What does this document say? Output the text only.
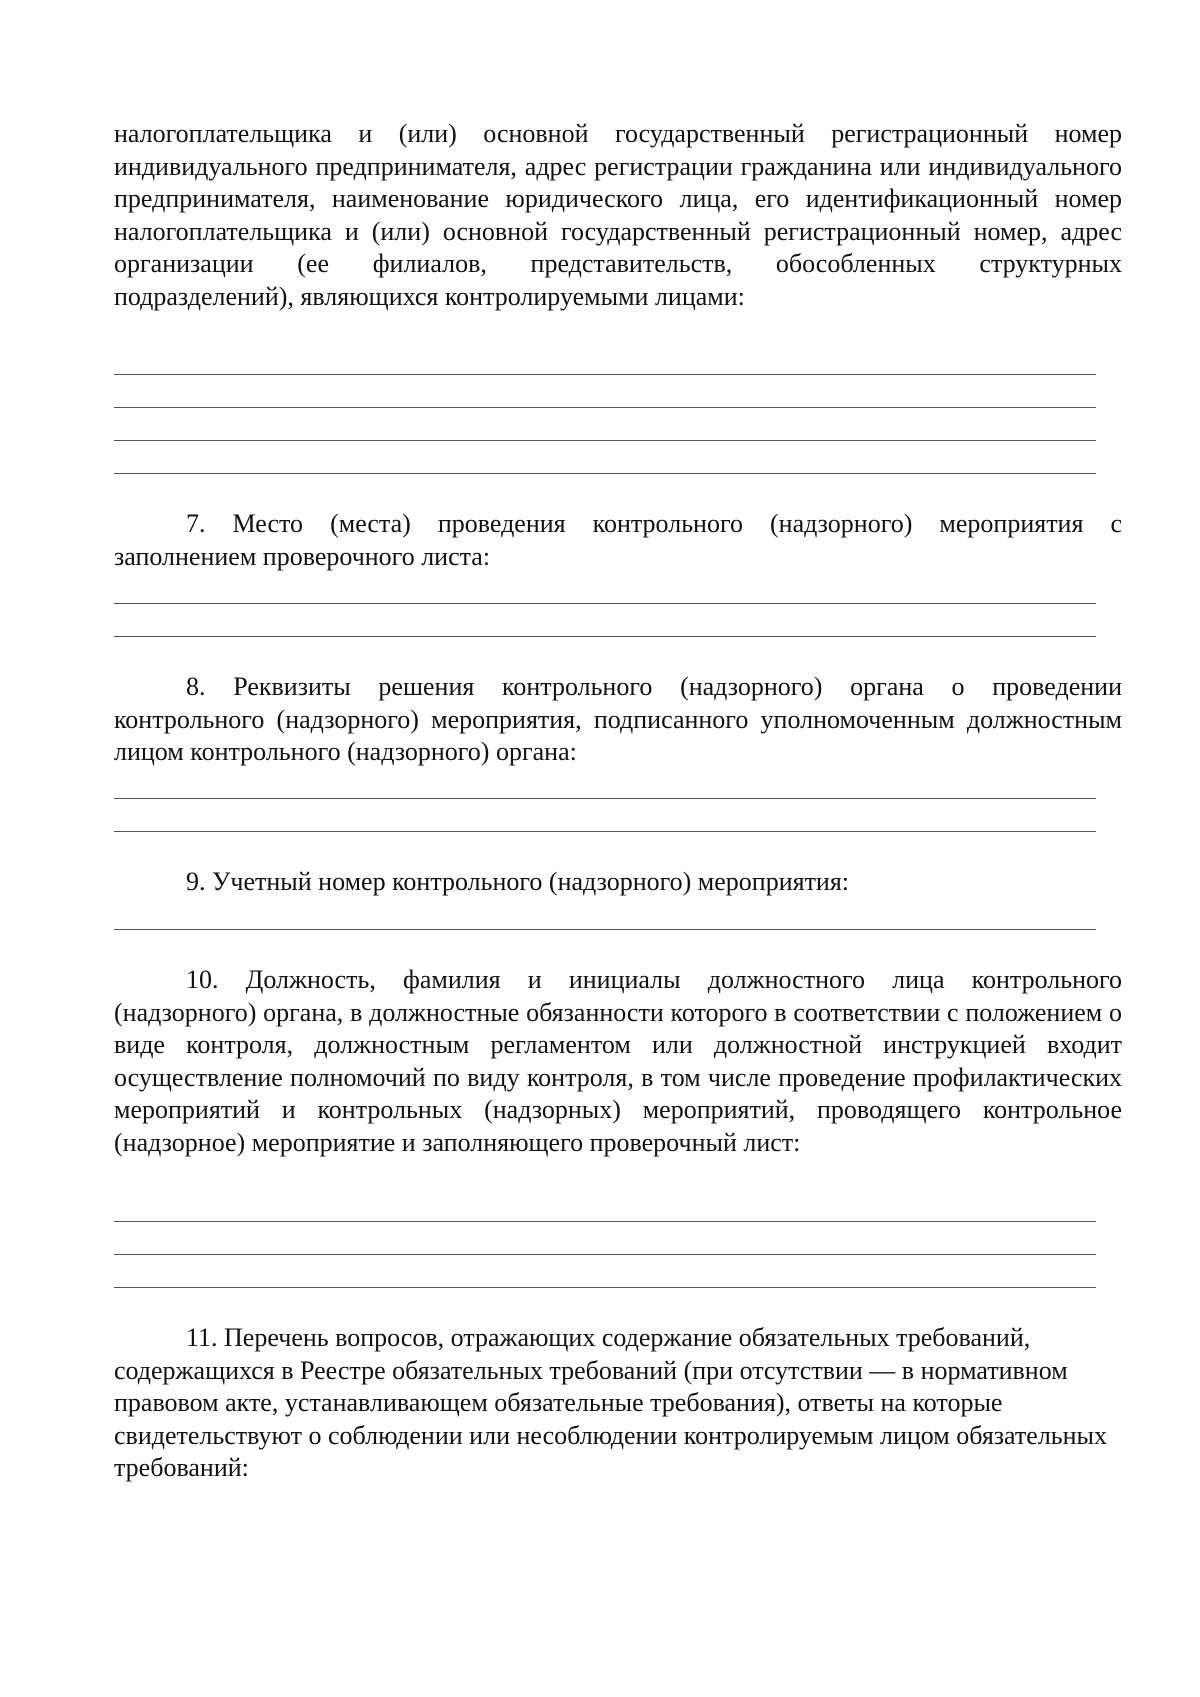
налогоплательщика и (или) основной государственный регистрационный номер индивидуального предпринимателя, адрес регистрации гражданина или индивидуального предпринимателя, наименование юридического лица, его идентификационный номер налогоплательщика и (или) основной государственный регистрационный номер, адрес организации (ее филиалов, представительств, обособленных структурных подразделений), являющихся контролируемыми лицами:

7. Место (места) проведения контрольного (надзорного) мероприятия с заполнением проверочного листа:

8. Реквизиты решения контрольного (надзорного) органа о проведении контрольного (надзорного) мероприятия, подписанного уполномоченным должностным лицом контрольного (надзорного) органа:

9. Учетный номер контрольного (надзорного) мероприятия:

10. Должность, фамилия и инициалы должностного лица контрольного (надзорного) органа, в должностные обязанности которого в соответствии с положением о виде контроля, должностным регламентом или должностной инструкцией входит осуществление полномочий по виду контроля, в том числе проведение профилактических мероприятий и контрольных (надзорных) мероприятий, проводящего контрольное (надзорное) мероприятие и заполняющего проверочный лист:

11. Перечень вопросов, отражающих содержание обязательных требований, содержащихся в Реестре обязательных требований (при отсутствии — в нормативном правовом акте, устанавливающем обязательные требования), ответы на которые свидетельствуют о соблюдении или несоблюдении контролируемым лицом обязательных требований:
